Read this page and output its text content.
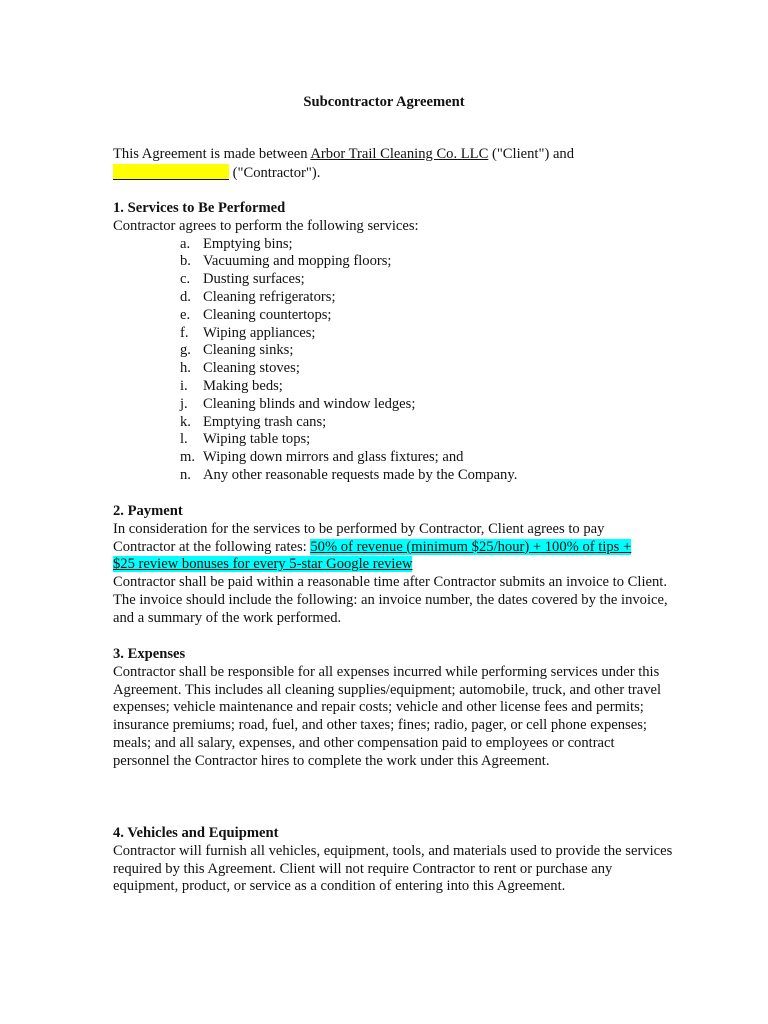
Subcontractor Agreement
This Agreement is made between Arbor Trail Cleaning Co. LLC ("Client") and
("Contractor").
1. Services to Be Performed
Contractor agrees to perform the following services:
a. Emptying bins;
b. Vacuuming and mopping floors;
c. Dusting surfaces;
d. Cleaning refrigerators;
e. Cleaning countertops;
f. Wiping appliances;
g. Cleaning sinks;
h. Cleaning stoves;
i. Making beds;
j. Cleaning blinds and window ledges;
k. Emptying trash cans;
l. Wiping table tops;
m. Wiping down mirrors and glass fixtures; and
n. Any other reasonable requests made by the Company.
2. Payment
In consideration for the services to be performed by Contractor, Client agrees to pay
Contractor at the following rates: 50% of revenue (minimum $25/hour) + 100% of tips +
$25 review bonuses for every 5-star Google review
Contractor shall be paid within a reasonable time after Contractor submits an invoice to Client. The invoice should include the following: an invoice number, the dates covered by the invoice, and a summary of the work performed.
3. Expenses
Contractor shall be responsible for all expenses incurred while performing services under this Agreement. This includes all cleaning supplies/equipment; automobile, truck, and other travel expenses; vehicle maintenance and repair costs; vehicle and other license fees and permits; insurance premiums; road, fuel, and other taxes; fines; radio, pager, or cell phone expenses; meals; and all salary, expenses, and other compensation paid to employees or contract personnel the Contractor hires to complete the work under this Agreement.
4. Vehicles and Equipment
Contractor will furnish all vehicles, equipment, tools, and materials used to provide the services required by this Agreement. Client will not require Contractor to rent or purchase any equipment, product, or service as a condition of entering into this Agreement.
